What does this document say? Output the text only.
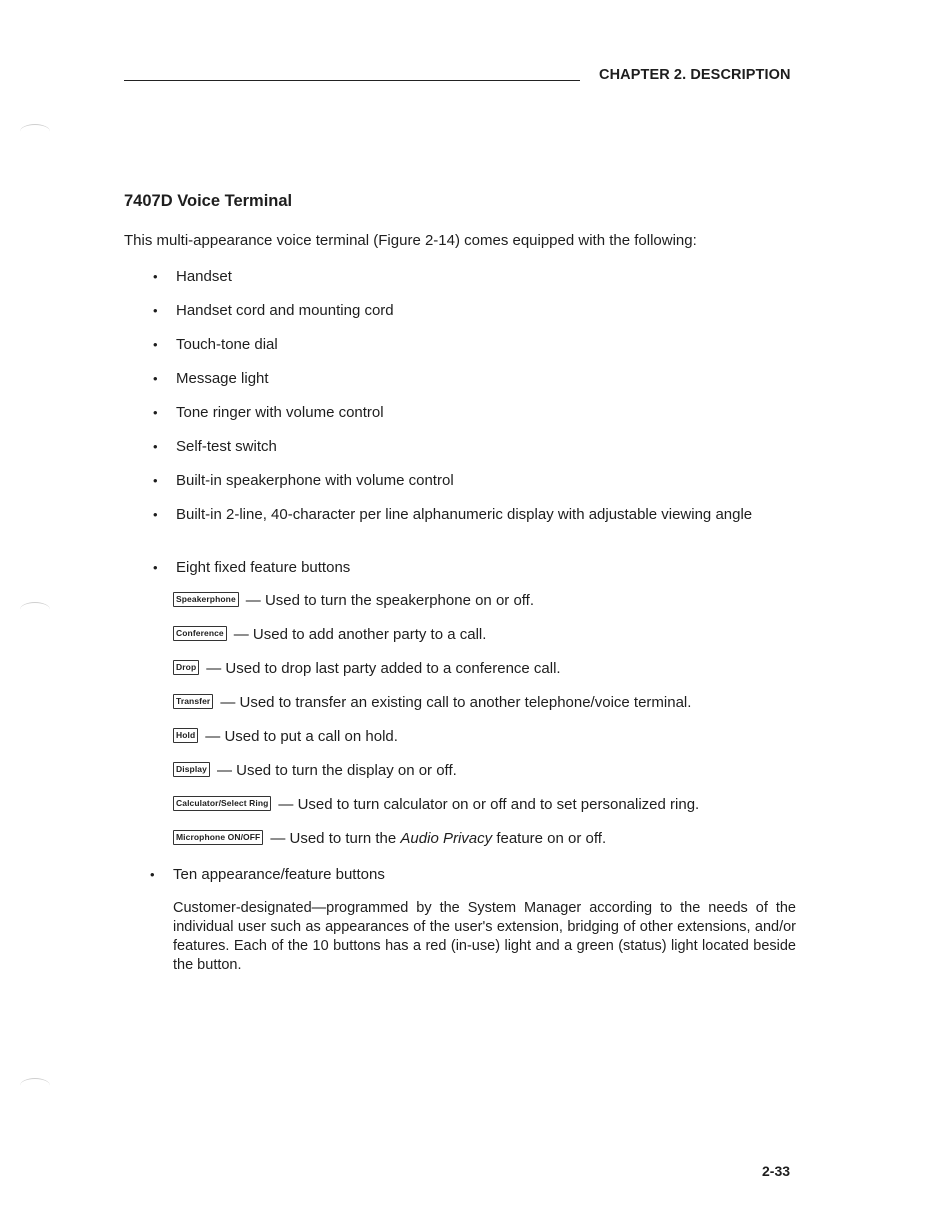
CHAPTER 2. DESCRIPTION
7407D Voice Terminal
This multi-appearance voice terminal (Figure 2-14) comes equipped with the following:
• Handset
• Handset cord and mounting cord
• Touch-tone dial
• Message light
• Tone ringer with volume control
• Self-test switch
• Built-in speakerphone with volume control
• Built-in 2-line, 40-character per line alphanumeric display with adjustable viewing angle
• Eight fixed feature buttons
Speakerphone — Used to turn the speakerphone on or off.
Conference — Used to add another party to a call.
Drop — Used to drop last party added to a conference call.
Transfer — Used to transfer an existing call to another telephone/voice terminal.
Hold — Used to put a call on hold.
Display — Used to turn the display on or off.
Calculator/Select Ring — Used to turn calculator on or off and to set personalized ring.
Microphone ON/OFF — Used to turn the Audio Privacy feature on or off.
• Ten appearance/feature buttons
Customer-designated—programmed by the System Manager according to the needs of the individual user such as appearances of the user's extension, bridging of other extensions, and/or features. Each of the 10 buttons has a red (in-use) light and a green (status) light located beside the button.
2-33
